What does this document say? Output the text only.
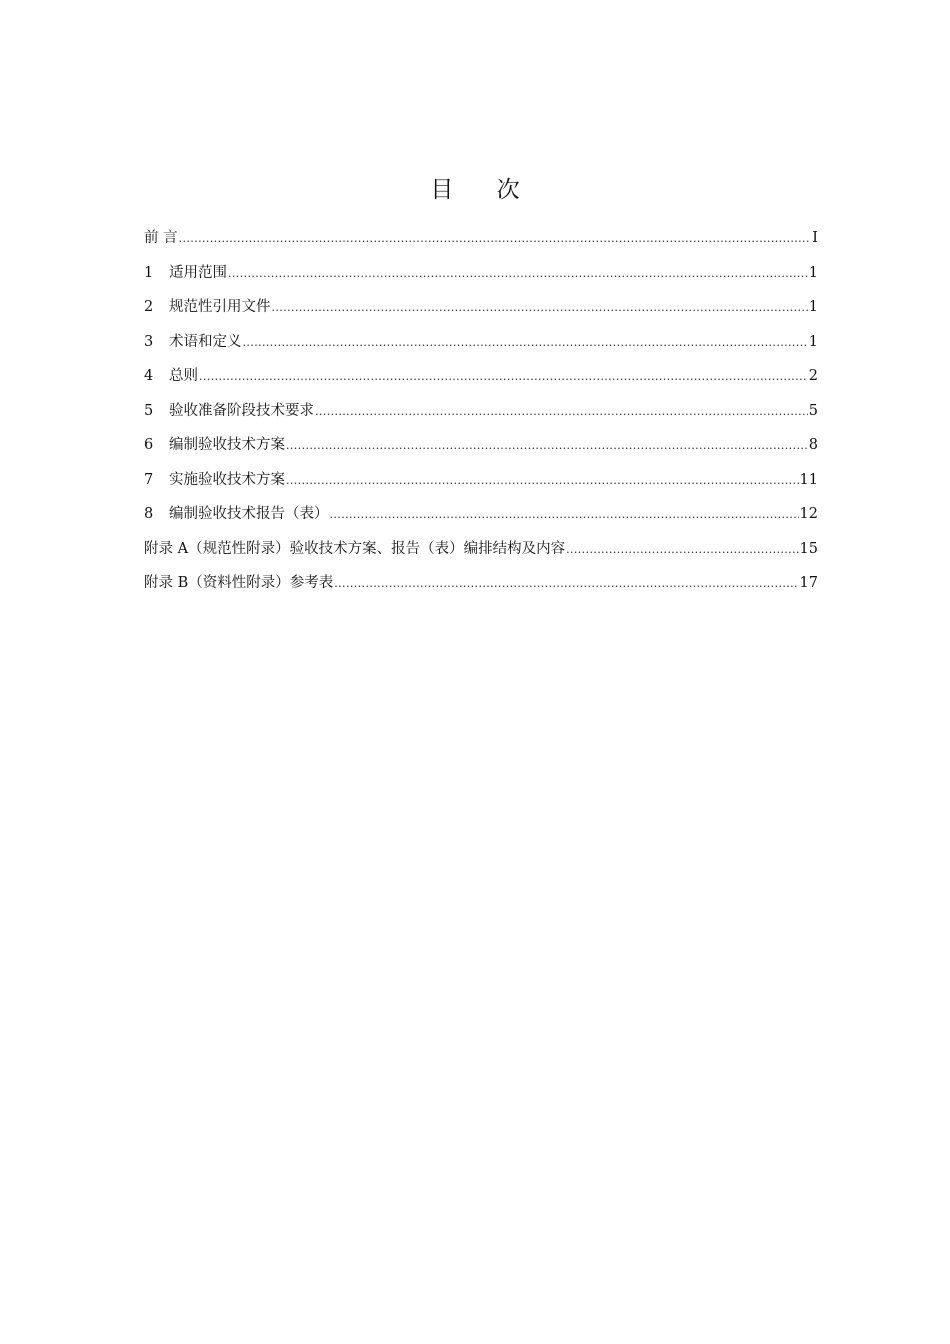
目 次
前 言 .....	I
1	适用范围 .....	1
2	规范性引用文件 .....	1
3	术语和定义 .....	1
4	总则 .....	2
5	验收准备阶段技术要求 .....	5
6	编制验收技术方案 .....	8
7	实施验收技术方案 .....	11
8	编制验收技术报告（表） .....	12
附录 A（规范性附录）验收技术方案、报告（表）编排结构及内容 .....	15
附录 B（资料性附录）参考表 .....	17
